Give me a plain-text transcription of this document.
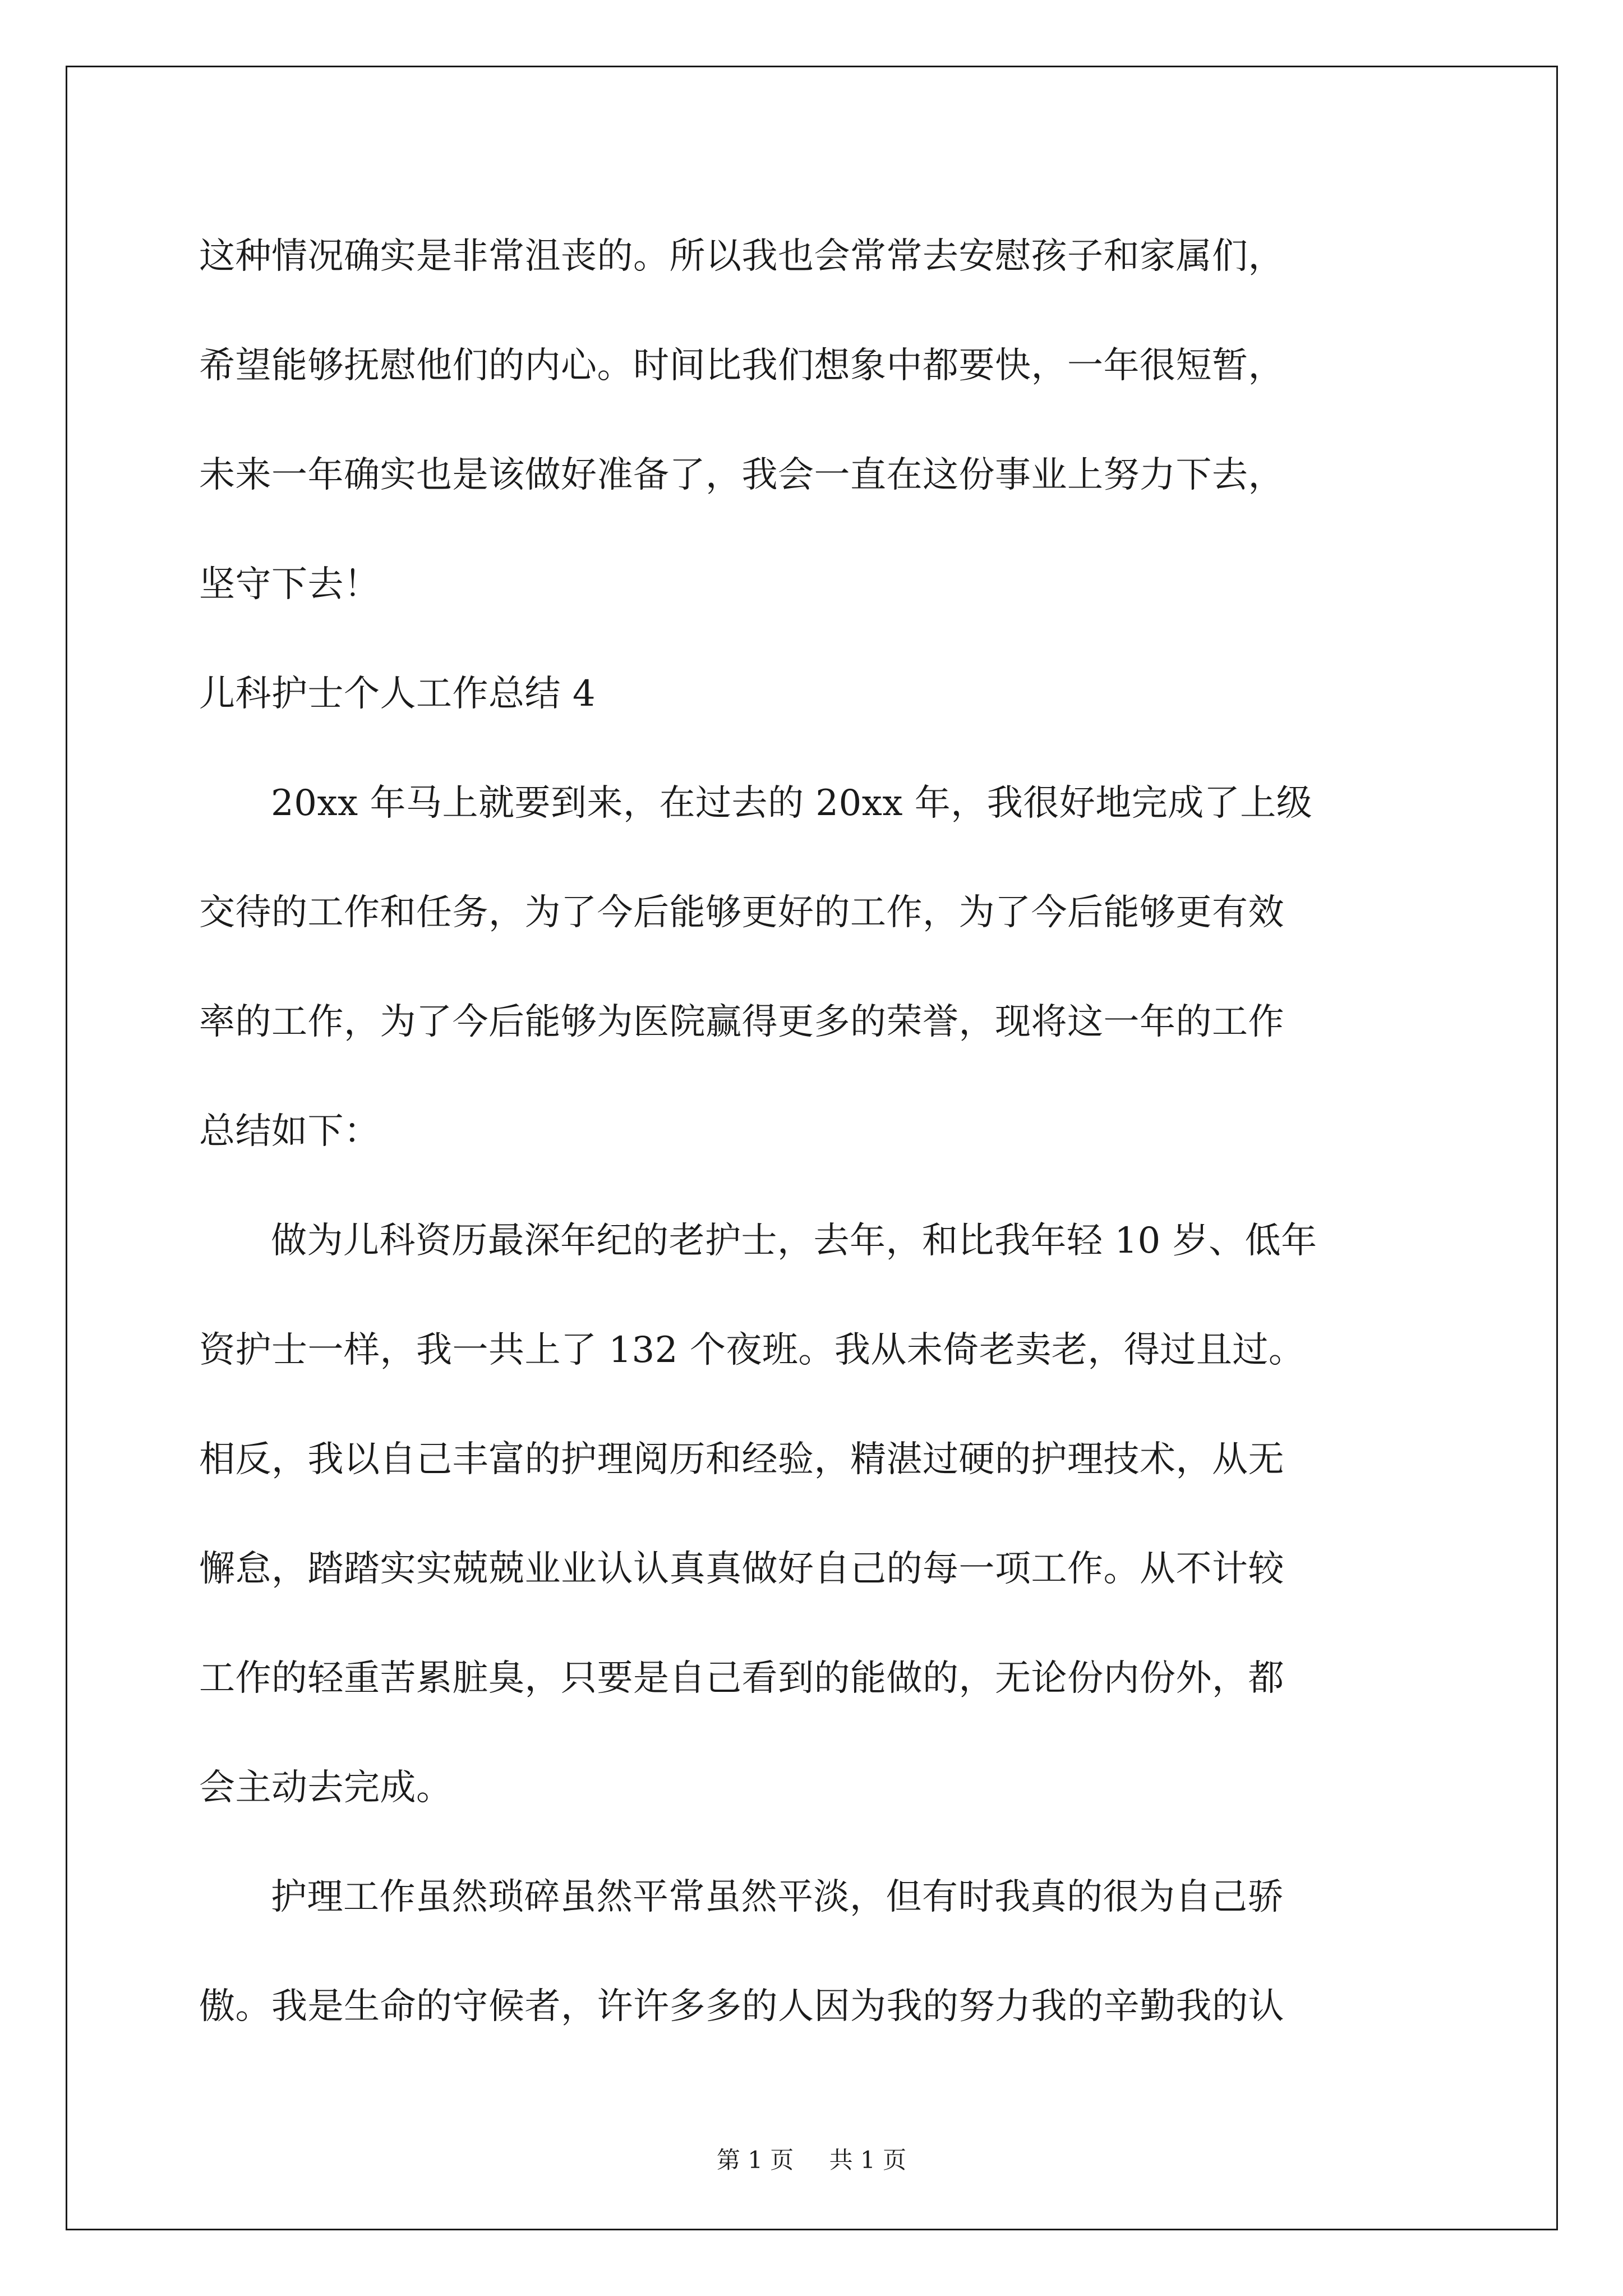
这种情况确实是非常沮丧的。所以我也会常常去安慰孩子和家属们，
希望能够抚慰他们的内心。时间比我们想象中都要快，一年很短暂，
未来一年确实也是该做好准备了，我会一直在这份事业上努力下去，
坚守下去！
儿科护士个人工作总结 4
20xx 年马上就要到来，在过去的 20xx 年，我很好地完成了上级
交待的工作和任务，为了今后能够更好的工作，为了今后能够更有效
率的工作，为了今后能够为医院赢得更多的荣誉，现将这一年的工作
总结如下：
做为儿科资历最深年纪的老护士，去年，和比我年轻 10 岁、低年
资护士一样，我一共上了 132 个夜班。我从未倚老卖老，得过且过。
相反，我以自己丰富的护理阅历和经验，精湛过硬的护理技术，从无
懈怠，踏踏实实兢兢业业认认真真做好自己的每一项工作。从不计较
工作的轻重苦累脏臭，只要是自己看到的能做的，无论份内份外，都
会主动去完成。
护理工作虽然琐碎虽然平常虽然平淡，但有时我真的很为自己骄
傲。我是生命的守候者，许许多多的人因为我的努力我的辛勤我的认
第 1 页 共 1 页
